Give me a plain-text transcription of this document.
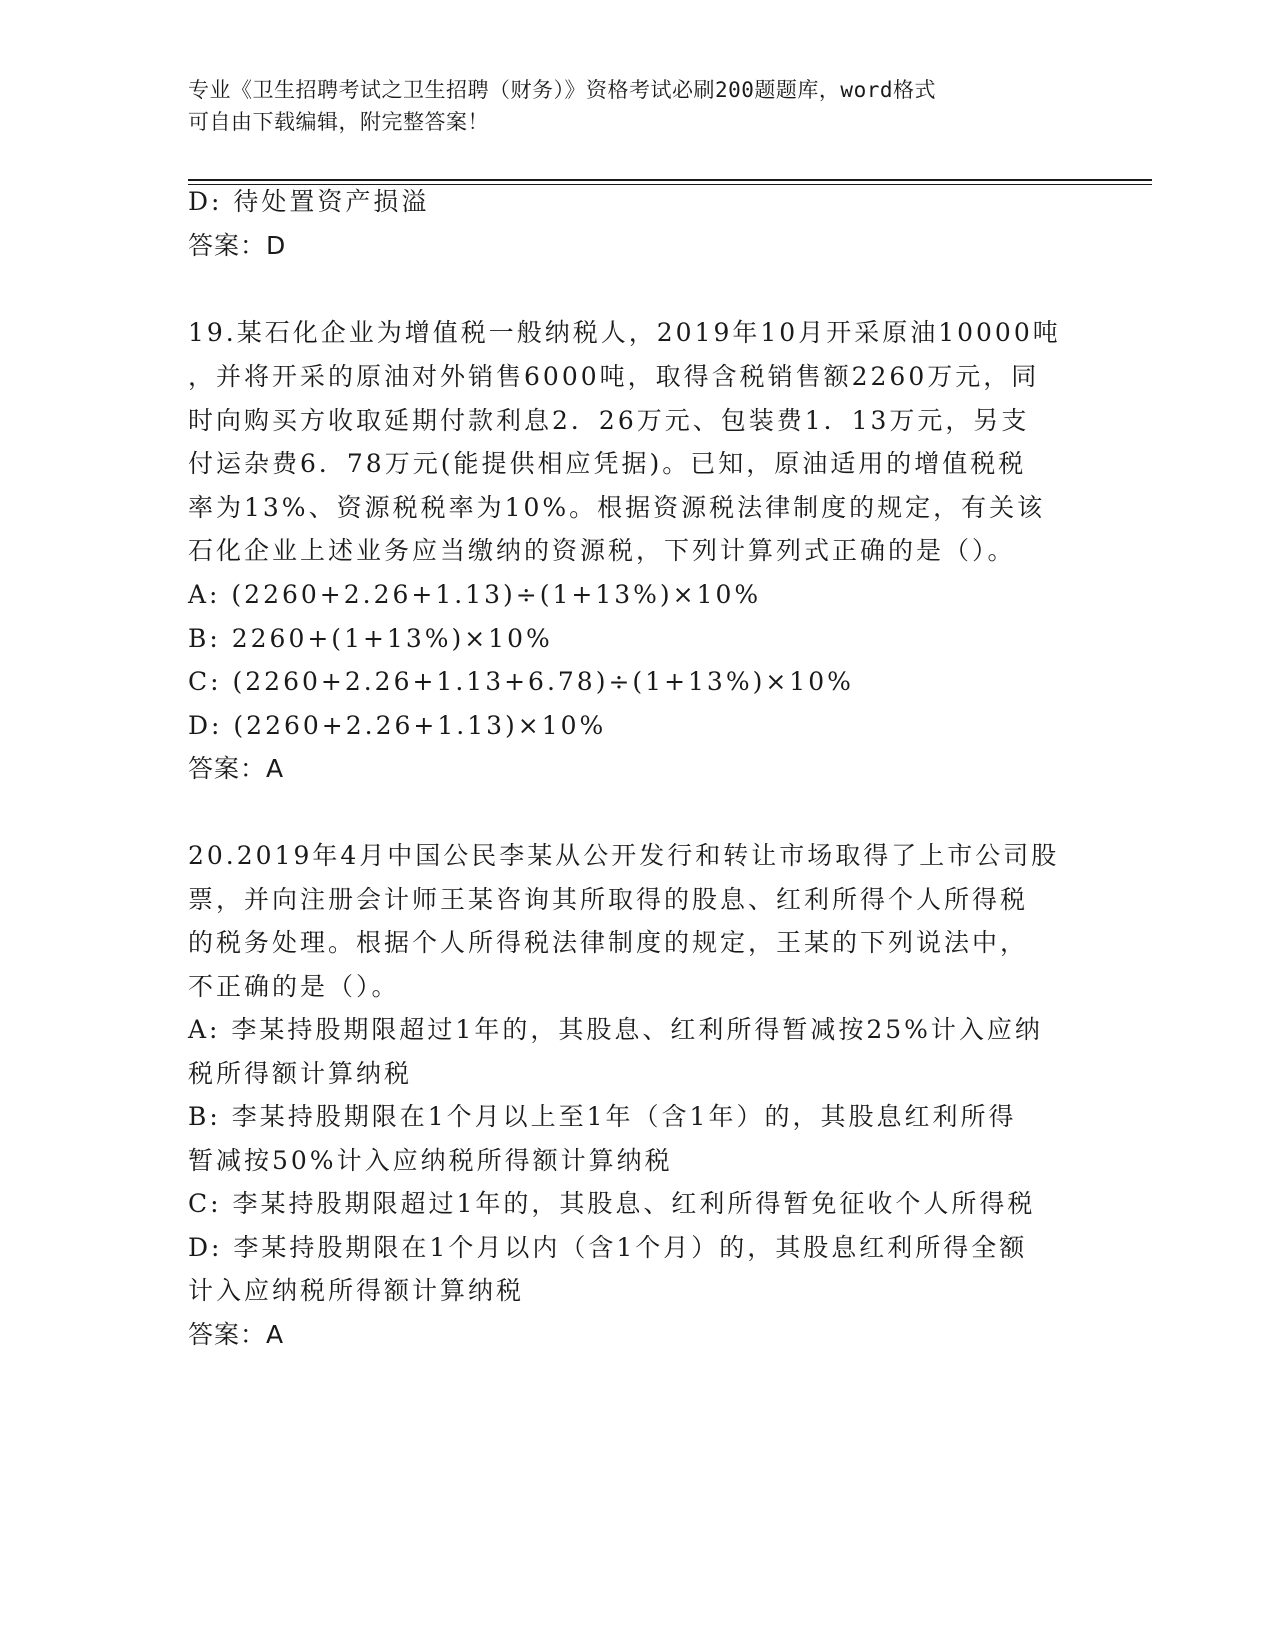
专业《卫生招聘考试之卫生招聘（财务）》资格考试必刷200题题库，word格式
可自由下载编辑，附完整答案！
D: 待处置资产损溢
答案：D
19.某石化企业为增值税一般纳税人，2019年10月开采原油10000吨
，并将开采的原油对外销售6000吨，取得含税销售额2260万元，同
时向购买方收取延期付款利息2．26万元、包装费1．13万元，另支
付运杂费6．78万元(能提供相应凭据)。已知，原油适用的增值税税
率为13%、资源税税率为10%。根据资源税法律制度的规定，有关该
石化企业上述业务应当缴纳的资源税，下列计算列式正确的是（）。
A: (2260+2.26+1.13)÷(1+13%)×10%
B: 2260+(1+13%)×10%
C: (2260+2.26+1.13+6.78)÷(1+13%)×10%
D: (2260+2.26+1.13)×10%
答案：A
20.2019年4月中国公民李某从公开发行和转让市场取得了上市公司股
票，并向注册会计师王某咨询其所取得的股息、红利所得个人所得税
的税务处理。根据个人所得税法律制度的规定，王某的下列说法中，
不正确的是（）。
A: 李某持股期限超过1年的，其股息、红利所得暂减按25%计入应纳
税所得额计算纳税
B: 李某持股期限在1个月以上至1年（含1年）的，其股息红利所得
暂减按50%计入应纳税所得额计算纳税
C: 李某持股期限超过1年的，其股息、红利所得暂免征收个人所得税
D: 李某持股期限在1个月以内（含1个月）的，其股息红利所得全额
计入应纳税所得额计算纳税
答案：A
